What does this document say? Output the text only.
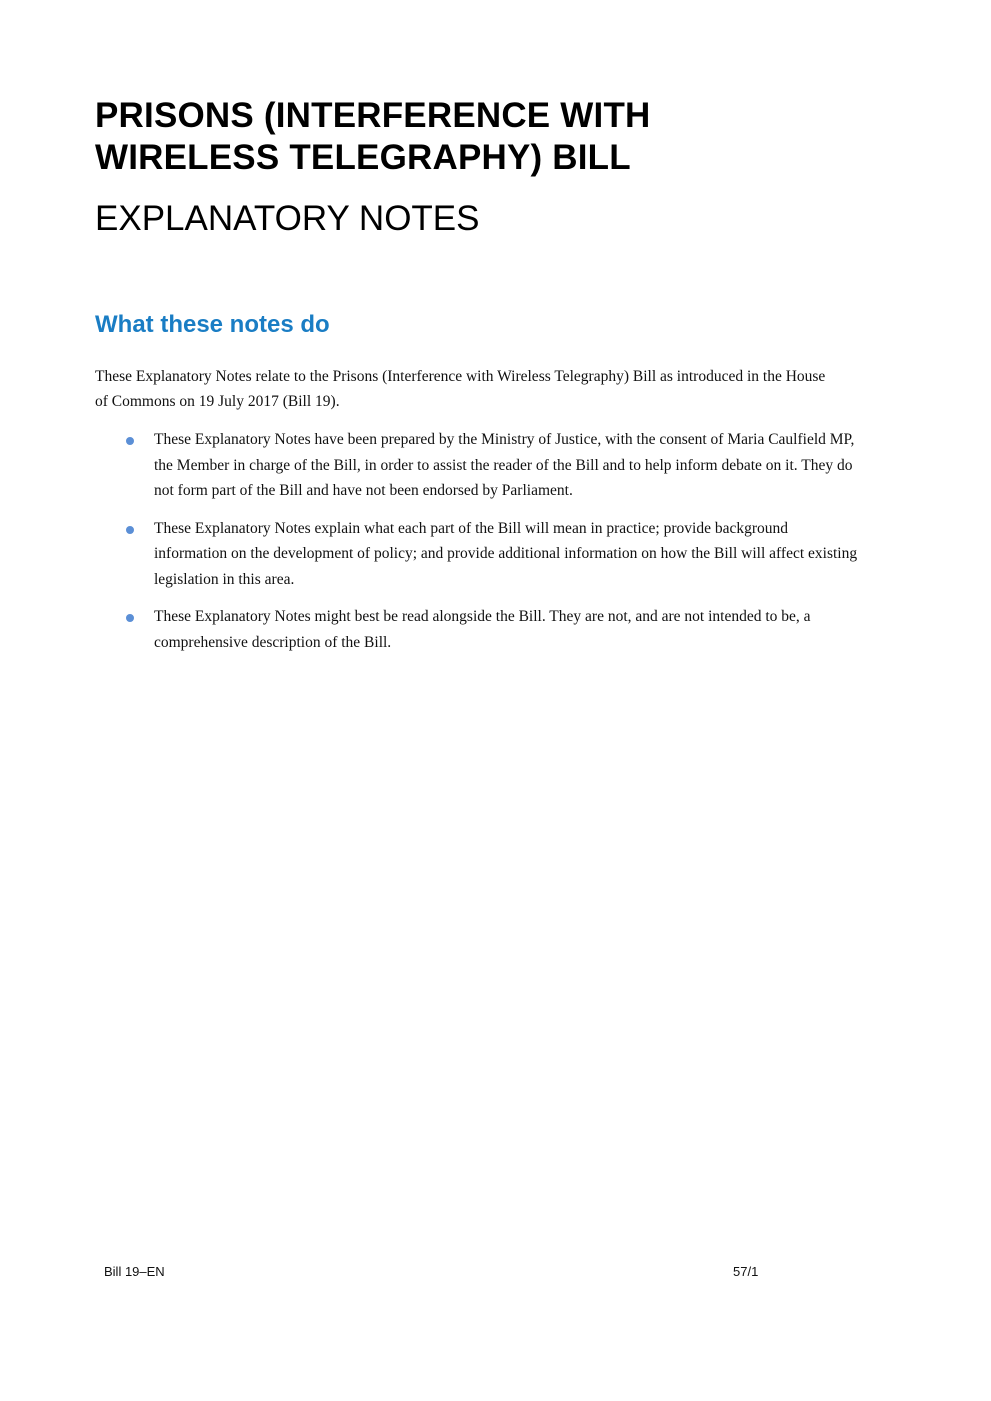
PRISONS (INTERFERENCE WITH
WIRELESS TELEGRAPHY) BILL
EXPLANATORY NOTES
What these notes do

These Explanatory Notes relate to the Prisons (Interference with Wireless Telegraphy) Bill as introduced in the House of Commons on 19 July 2017 (Bill 19).

These Explanatory Notes have been prepared by the Ministry of Justice, with the consent of Maria Caulfield MP, the Member in charge of the Bill, in order to assist the reader of the Bill and to help inform debate on it. They do not form part of the Bill and have not been endorsed by Parliament.
These Explanatory Notes explain what each part of the Bill will mean in practice; provide background information on the development of policy; and provide additional information on how the Bill will affect existing legislation in this area.
These Explanatory Notes might best be read alongside the Bill. They are not, and are not intended to be, a comprehensive description of the Bill.
Bill 19–EN	57/1
